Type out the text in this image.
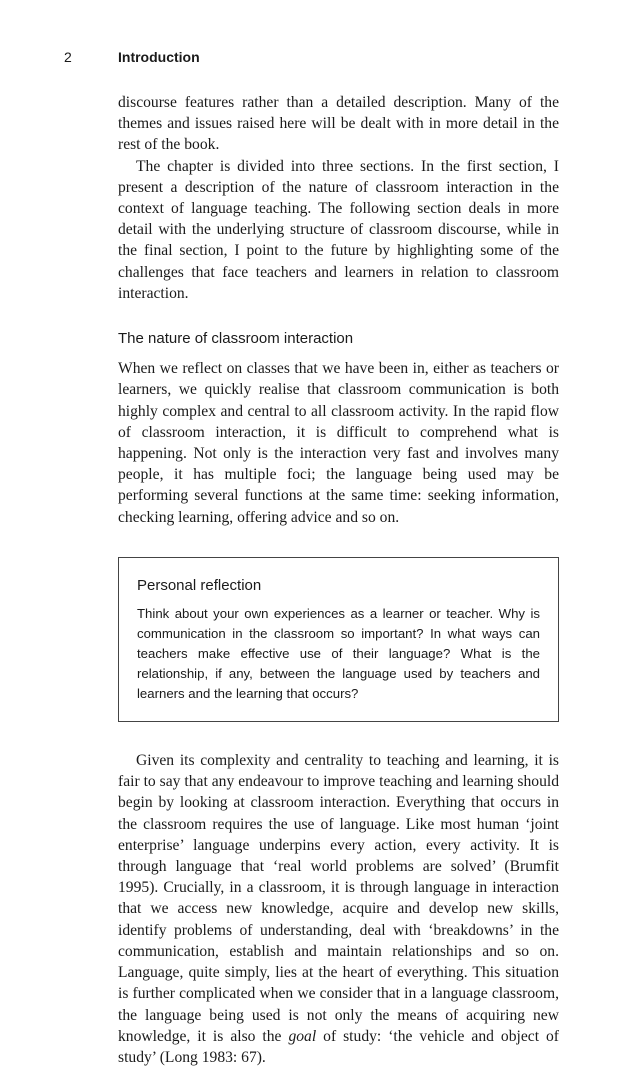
2	Introduction

discourse features rather than a detailed description. Many of the themes and issues raised here will be dealt with in more detail in the rest of the book.

The chapter is divided into three sections. In the first section, I present a description of the nature of classroom interaction in the context of language teaching. The following section deals in more detail with the underlying structure of classroom discourse, while in the final section, I point to the future by highlighting some of the challenges that face teachers and learners in relation to classroom interaction.

The nature of classroom interaction

When we reflect on classes that we have been in, either as teachers or learners, we quickly realise that classroom communication is both highly complex and central to all classroom activity. In the rapid flow of classroom interaction, it is difficult to comprehend what is happening. Not only is the interaction very fast and involves many people, it has multiple foci; the language being used may be performing several functions at the same time: seeking information, checking learning, offering advice and so on.

Personal reflection

Think about your own experiences as a learner or teacher. Why is communication in the classroom so important? In what ways can teachers make effective use of their language? What is the relationship, if any, between the language used by teachers and learners and the learning that occurs?

Given its complexity and centrality to teaching and learning, it is fair to say that any endeavour to improve teaching and learning should begin by looking at classroom interaction. Everything that occurs in the classroom requires the use of language. Like most human ‘joint enterprise’ language underpins every action, every activity. It is through language that ‘real world problems are solved’ (Brumfit 1995). Crucially, in a classroom, it is through language in interaction that we access new knowledge, acquire and develop new skills, identify problems of understanding, deal with ‘breakdowns’ in the communication, establish and maintain relationships and so on. Language, quite simply, lies at the heart of everything. This situation is further complicated when we consider that in a language classroom, the language being used is not only the means of acquiring new knowledge, it is also the goal of study: ‘the vehicle and object of study’ (Long 1983: 67).
